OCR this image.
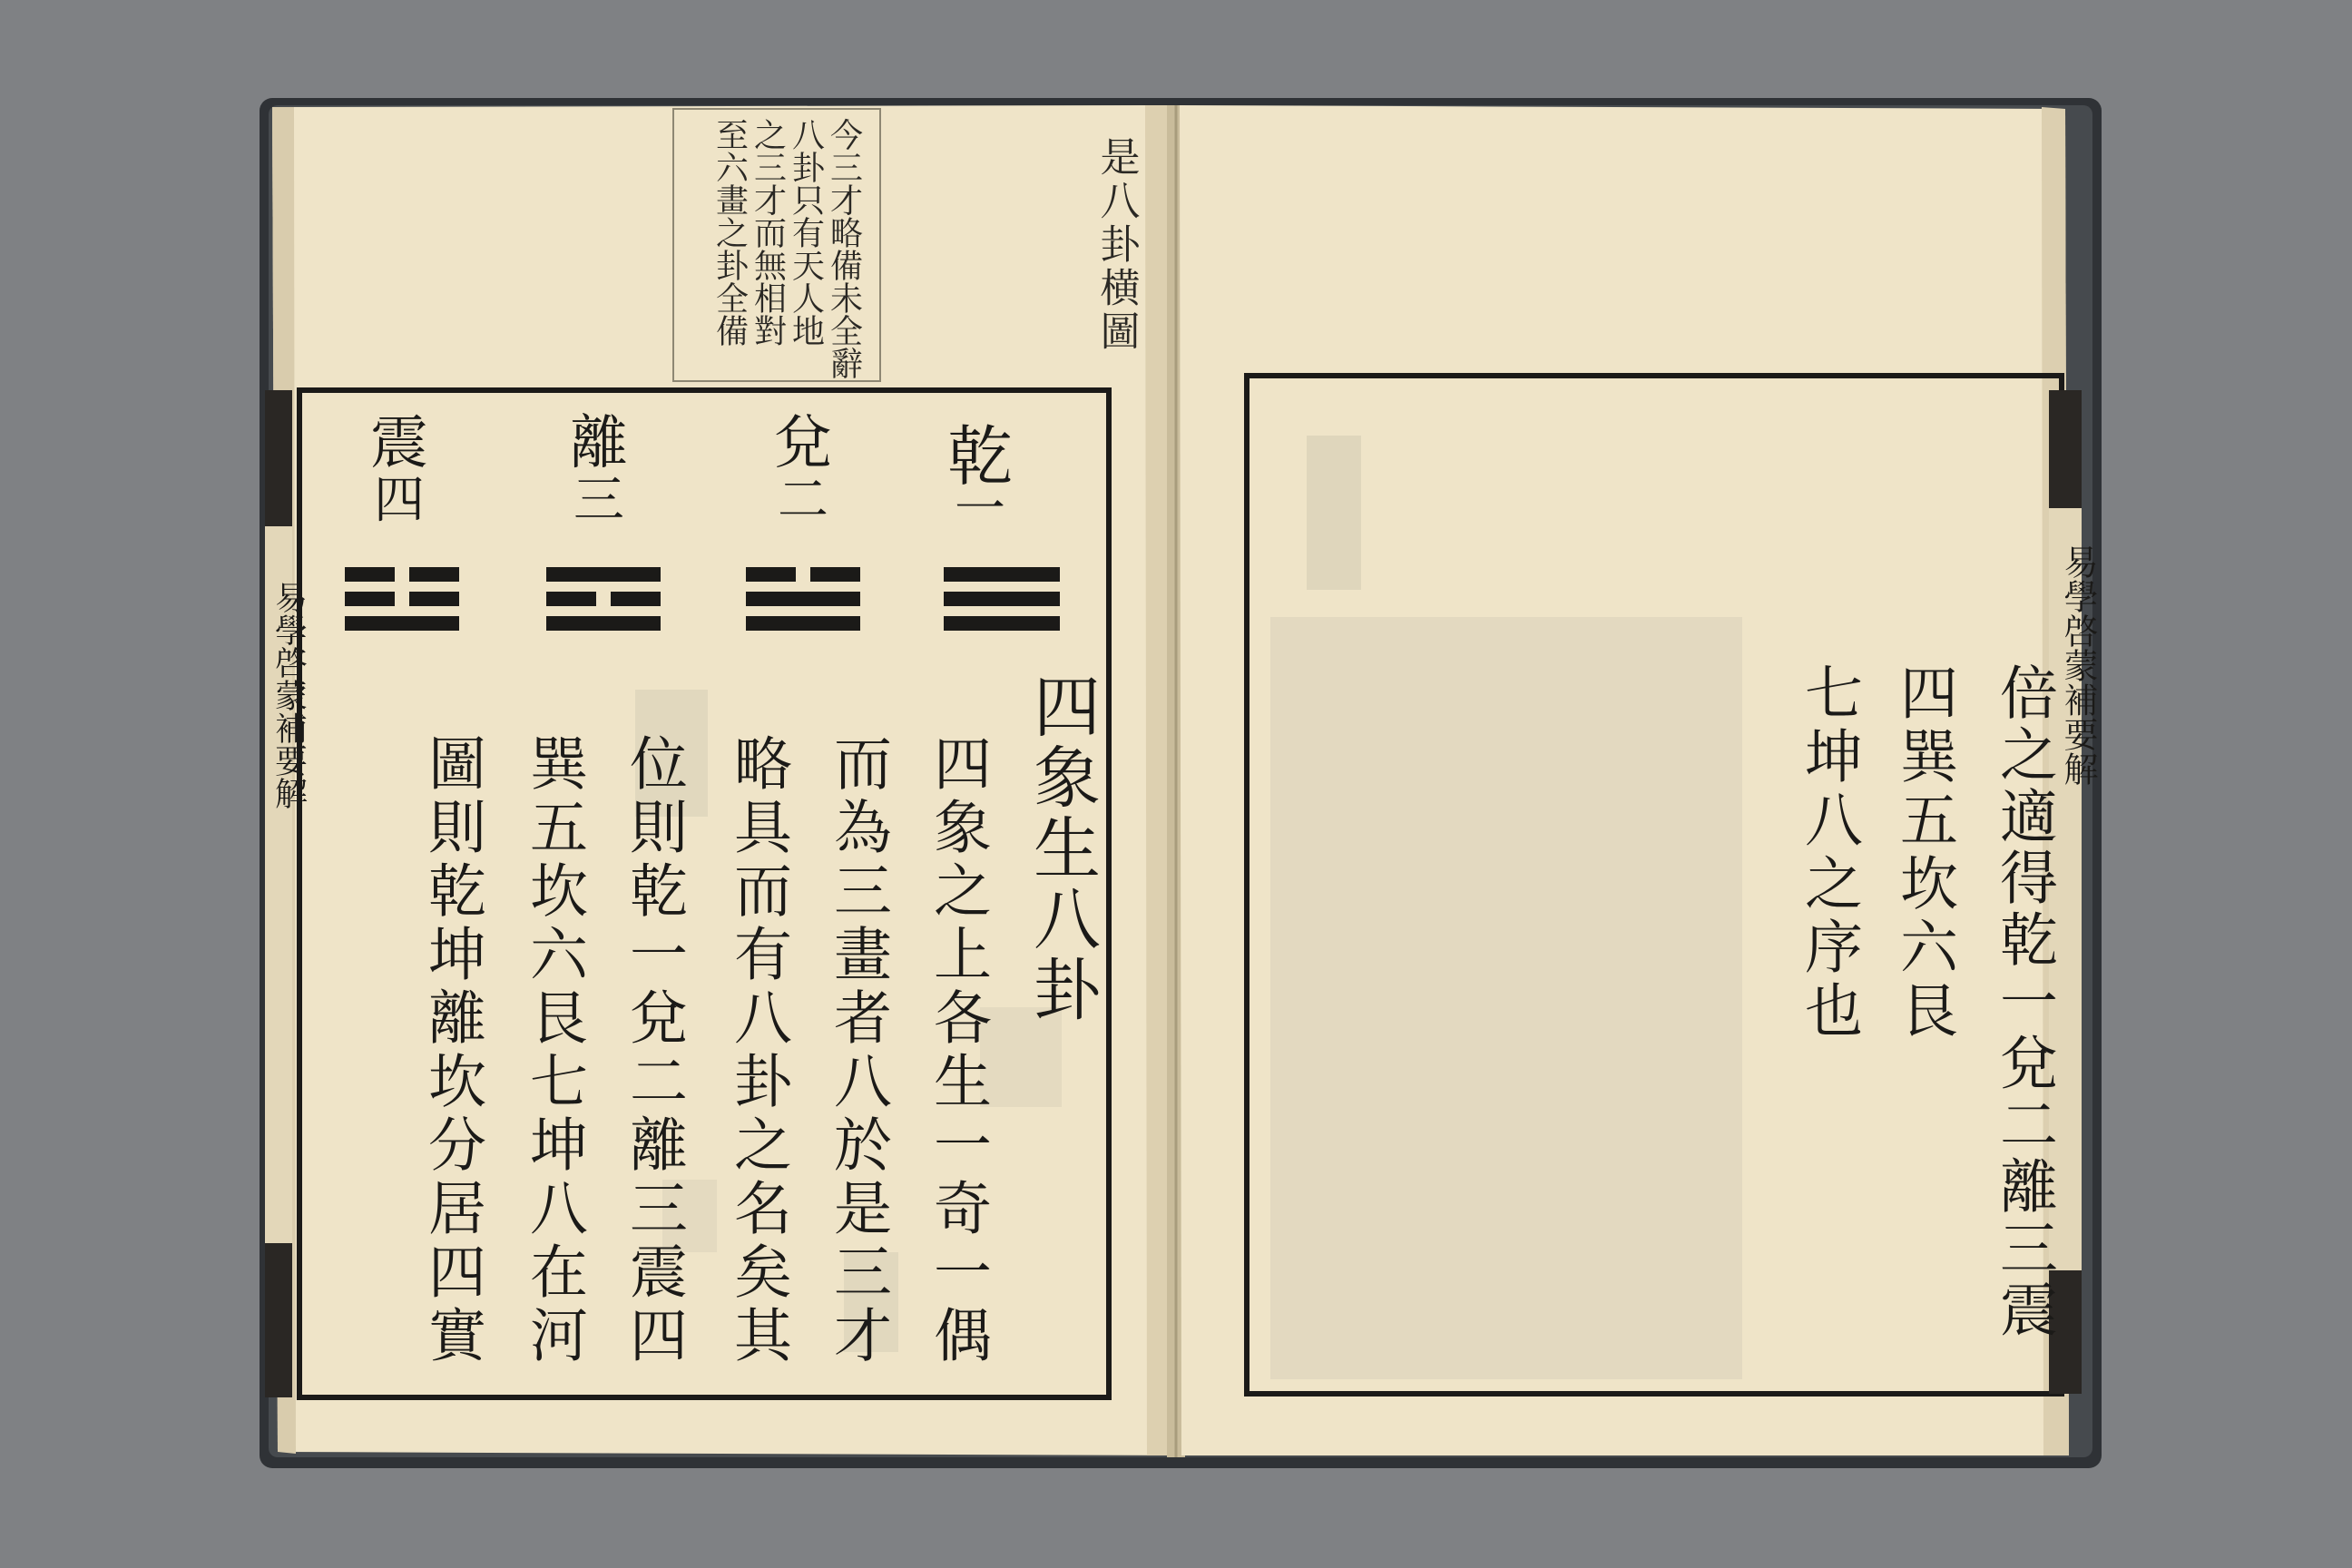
是八卦横圖
今三才略備未全辭
八卦只有天人地
之三才而無相對
至六畫之卦全備
易學啓蒙補要解
乾
一
兌
二
離
三
震
四
四象生八卦
四象之上各生一奇一偶
而為三畫者八於是三才
略具而有八卦之名矣其
位則乾一兌二離三震四
巽五坎六艮七坤八在河
圖則乾坤離坎分居四實
易學啓蒙補要解
倍之適得乾一兌二離三震
四巽五坎六艮
七坤八之序也
